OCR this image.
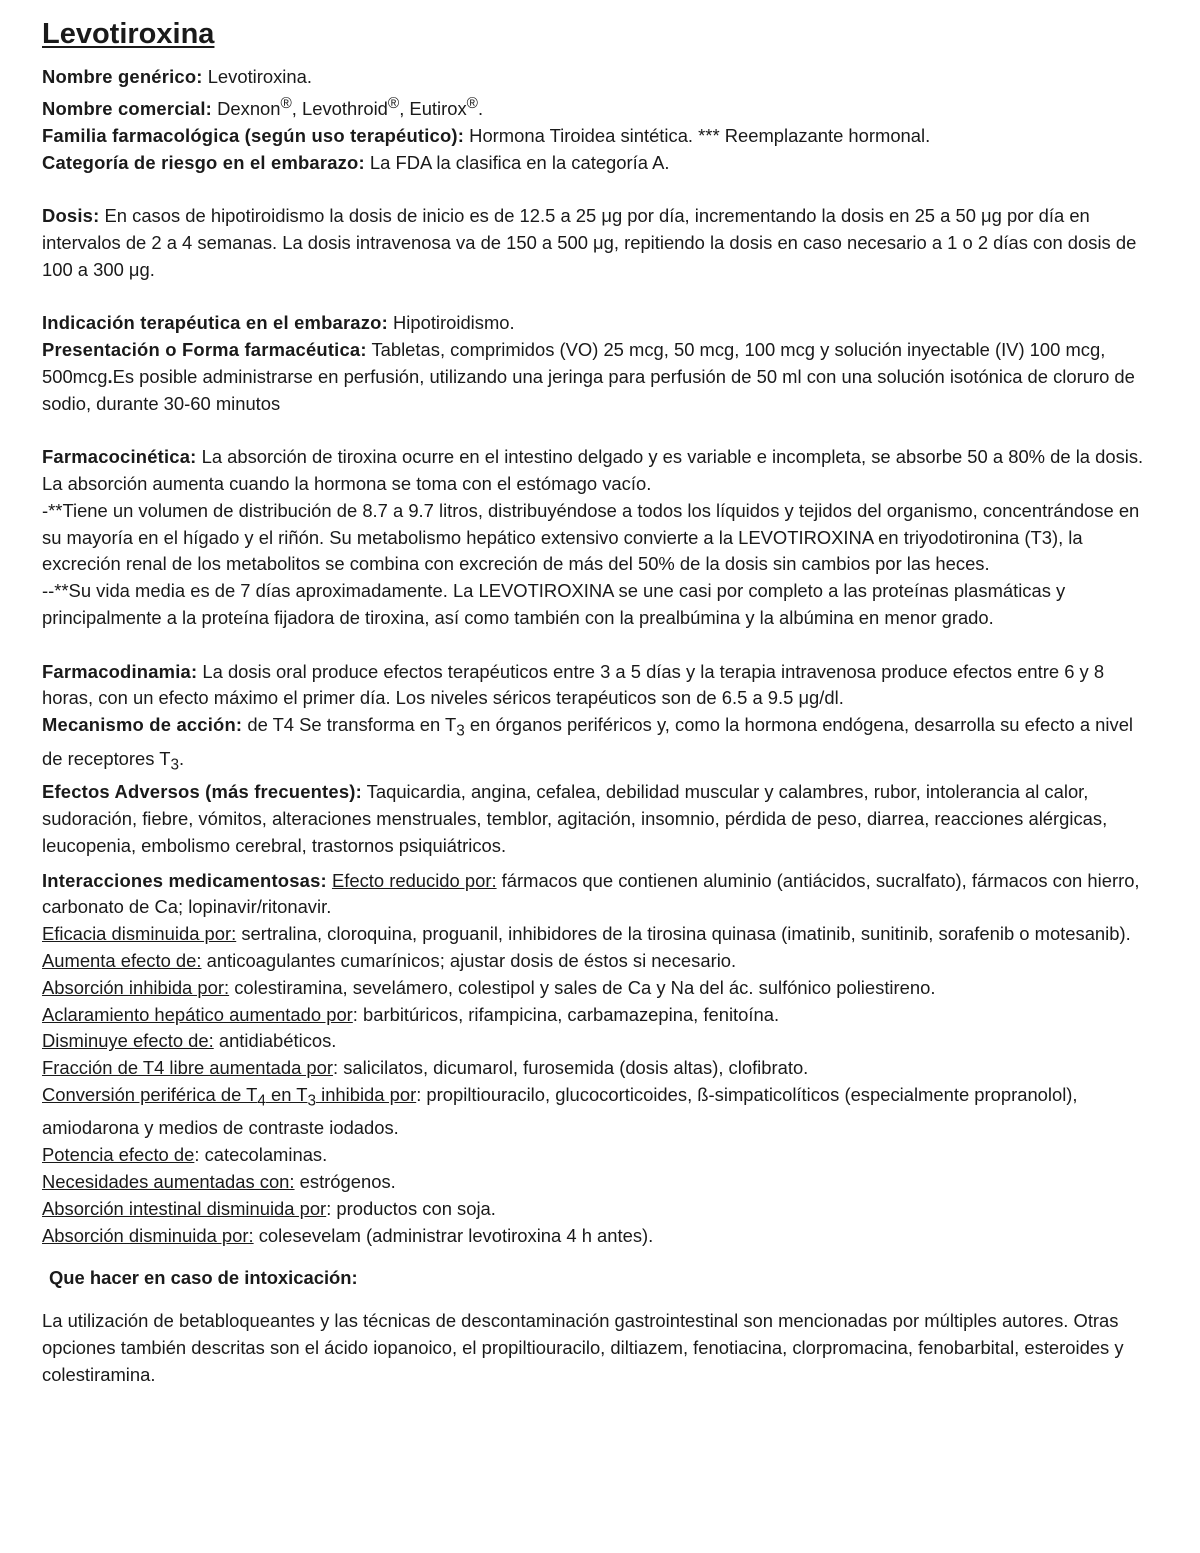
Levotiroxina

Nombre genérico: Levotiroxina.

Nombre comercial: Dexnon®, Levothroid®, Eutirox®.

Familia farmacológica (según uso terapéutico): Hormona Tiroidea sintética. *** Reemplazante hormonal.

Categoría de riesgo en el embarazo: La FDA la clasifica en la categoría A.

Dosis: En casos de hipotiroidismo la dosis de inicio es de 12.5 a 25 μg por día, incrementando la dosis en 25 a 50 μg por día en intervalos de 2 a 4 semanas. La dosis intravenosa va de 150 a 500 μg, repitiendo la dosis en caso necesario a 1 o 2 días con dosis de 100 a 300 μg.

Indicación terapéutica en el embarazo: Hipotiroidismo.

Presentación o Forma farmacéutica: Tabletas, comprimidos (VO) 25 mcg, 50 mcg, 100 mcg y solución inyectable (IV) 100 mcg, 500mcg.Es posible administrarse en perfusión, utilizando una jeringa para perfusión de 50 ml con una solución isotónica de cloruro de sodio, durante 30-60 minutos

Farmacocinética: La absorción de tiroxina ocurre en el intestino delgado y es variable e incompleta, se absorbe 50 a 80% de la dosis. La absorción aumenta cuando la hormona se toma con el estómago vacío.

-**Tiene un volumen de distribución de 8.7 a 9.7 litros, distribuyéndose a todos los líquidos y tejidos del organismo, concentrándose en su mayoría en el hígado y el riñón. Su metabolismo hepático extensivo convierte a la LEVOTIROXINA en triyodotironina (T3), la excreción renal de los metabolitos se combina con excreción de más del 50% de la dosis sin cambios por las heces.

--**Su vida media es de 7 días aproximadamente. La LEVOTIROXINA se une casi por completo a las proteínas plasmáticas y principalmente a la proteína fijadora de tiroxina, así como también con la prealbúmina y la albúmina en menor grado.

Farmacodinamia: La dosis oral produce efectos terapéuticos entre 3 a 5 días y la terapia intravenosa produce efectos entre 6 y 8 horas, con un efecto máximo el primer día. Los niveles séricos terapéuticos son de 6.5 a 9.5 μg/dl.

Mecanismo de acción: de T4 Se transforma en $T_3$ en órganos periféricos y, como la hormona endógena, desarrolla su efecto a nivel de receptores $T_3$.

Efectos Adversos (más frecuentes): Taquicardia, angina, cefalea, debilidad muscular y calambres, rubor, intolerancia al calor, sudoración, fiebre, vómitos, alteraciones menstruales, temblor, agitación, insomnio, pérdida de peso, diarrea, reacciones alérgicas, leucopenia, embolismo cerebral, trastornos psiquiátricos.

Interacciones medicamentosas: Efecto reducido por: fármacos que contienen aluminio (antiácidos, sucralfato), fármacos con hierro, carbonato de Ca; lopinavir/ritonavir.

Eficacia disminuida por: sertralina, cloroquina, proguanil, inhibidores de la tirosina quinasa (imatinib, sunitinib, sorafenib o motesanib).

Aumenta efecto de: anticoagulantes cumarínicos; ajustar dosis de éstos si necesario.

Absorción inhibida por: colestiramina, sevelámero, colestipol y sales de Ca y Na del ác. sulfónico poliestireno.

Aclaramiento hepático aumentado por: barbitúricos, rifampicina, carbamazepina, fenitoína.

Disminuye efecto de: antidiabéticos.

Fracción de T4 libre aumentada por: salicilatos, dicumarol, furosemida (dosis altas), clofibrato.

Conversión periférica de $T_4$ en $T_3$ inhibida por: propiltiouracilo, glucocorticoides, ß-simpaticolíticos (especialmente propranolol), amiodarona y medios de contraste iodados.

Potencia efecto de: catecolaminas.

Necesidades aumentadas con: estrógenos.

Absorción intestinal disminuida por: productos con soja.

Absorción disminuida por: colesevelam (administrar levotiroxina 4 h antes).

Que hacer en caso de intoxicación:

La utilización de betabloqueantes y las técnicas de descontaminación gastrointestinal son mencionadas por múltiples autores. Otras opciones también descritas son el ácido iopanoico, el propiltiouracilo, diltiazem, fenotiacina, clorpromacina, fenobarbital, esteroides y colestiramina.
